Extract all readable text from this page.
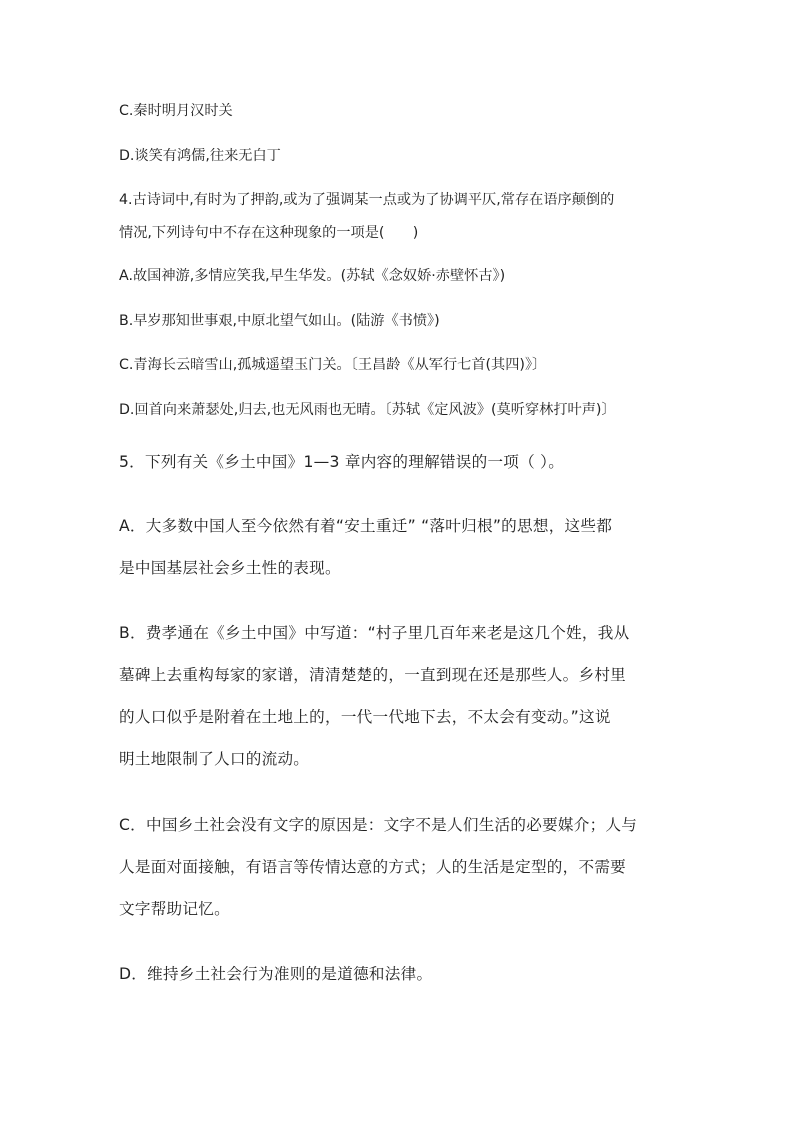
C.秦时明月汉时关

D.谈笑有鸿儒,往来无白丁

4.古诗词中,有时为了押韵,或为了强调某一点或为了协调平仄,常存在语序颠倒的

情况,下列诗句中不存在这种现象的一项是(　　)

A.故国神游,多情应笑我,早生华发。(苏轼《念奴娇·赤壁怀古》)

B.早岁那知世事艰,中原北望气如山。(陆游《书愤》)

C.青海长云暗雪山,孤城遥望玉门关。〔王昌龄《从军行七首(其四)》〕

D.回首向来萧瑟处,归去,也无风雨也无晴。〔苏轼《定风波》(莫听穿林打叶声)〕

5．下列有关《乡土中国》1—3 章内容的理解错误的一项（ ）。

A．大多数中国人至今依然有着“安土重迁” “落叶归根”的思想，这些都

是中国基层社会乡土性的表现。

B．费孝通在《乡土中国》中写道：“村子里几百年来老是这几个姓，我从

墓碑上去重构每家的家谱，清清楚楚的，一直到现在还是那些人。乡村里

的人口似乎是附着在土地上的，一代一代地下去，不太会有变动。”这说

明土地限制了人口的流动。

C．中国乡土社会没有文字的原因是：文字不是人们生活的必要媒介；人与

人是面对面接触，有语言等传情达意的方式；人的生活是定型的，不需要

文字帮助记忆。

D．维持乡土社会行为准则的是道德和法律。
